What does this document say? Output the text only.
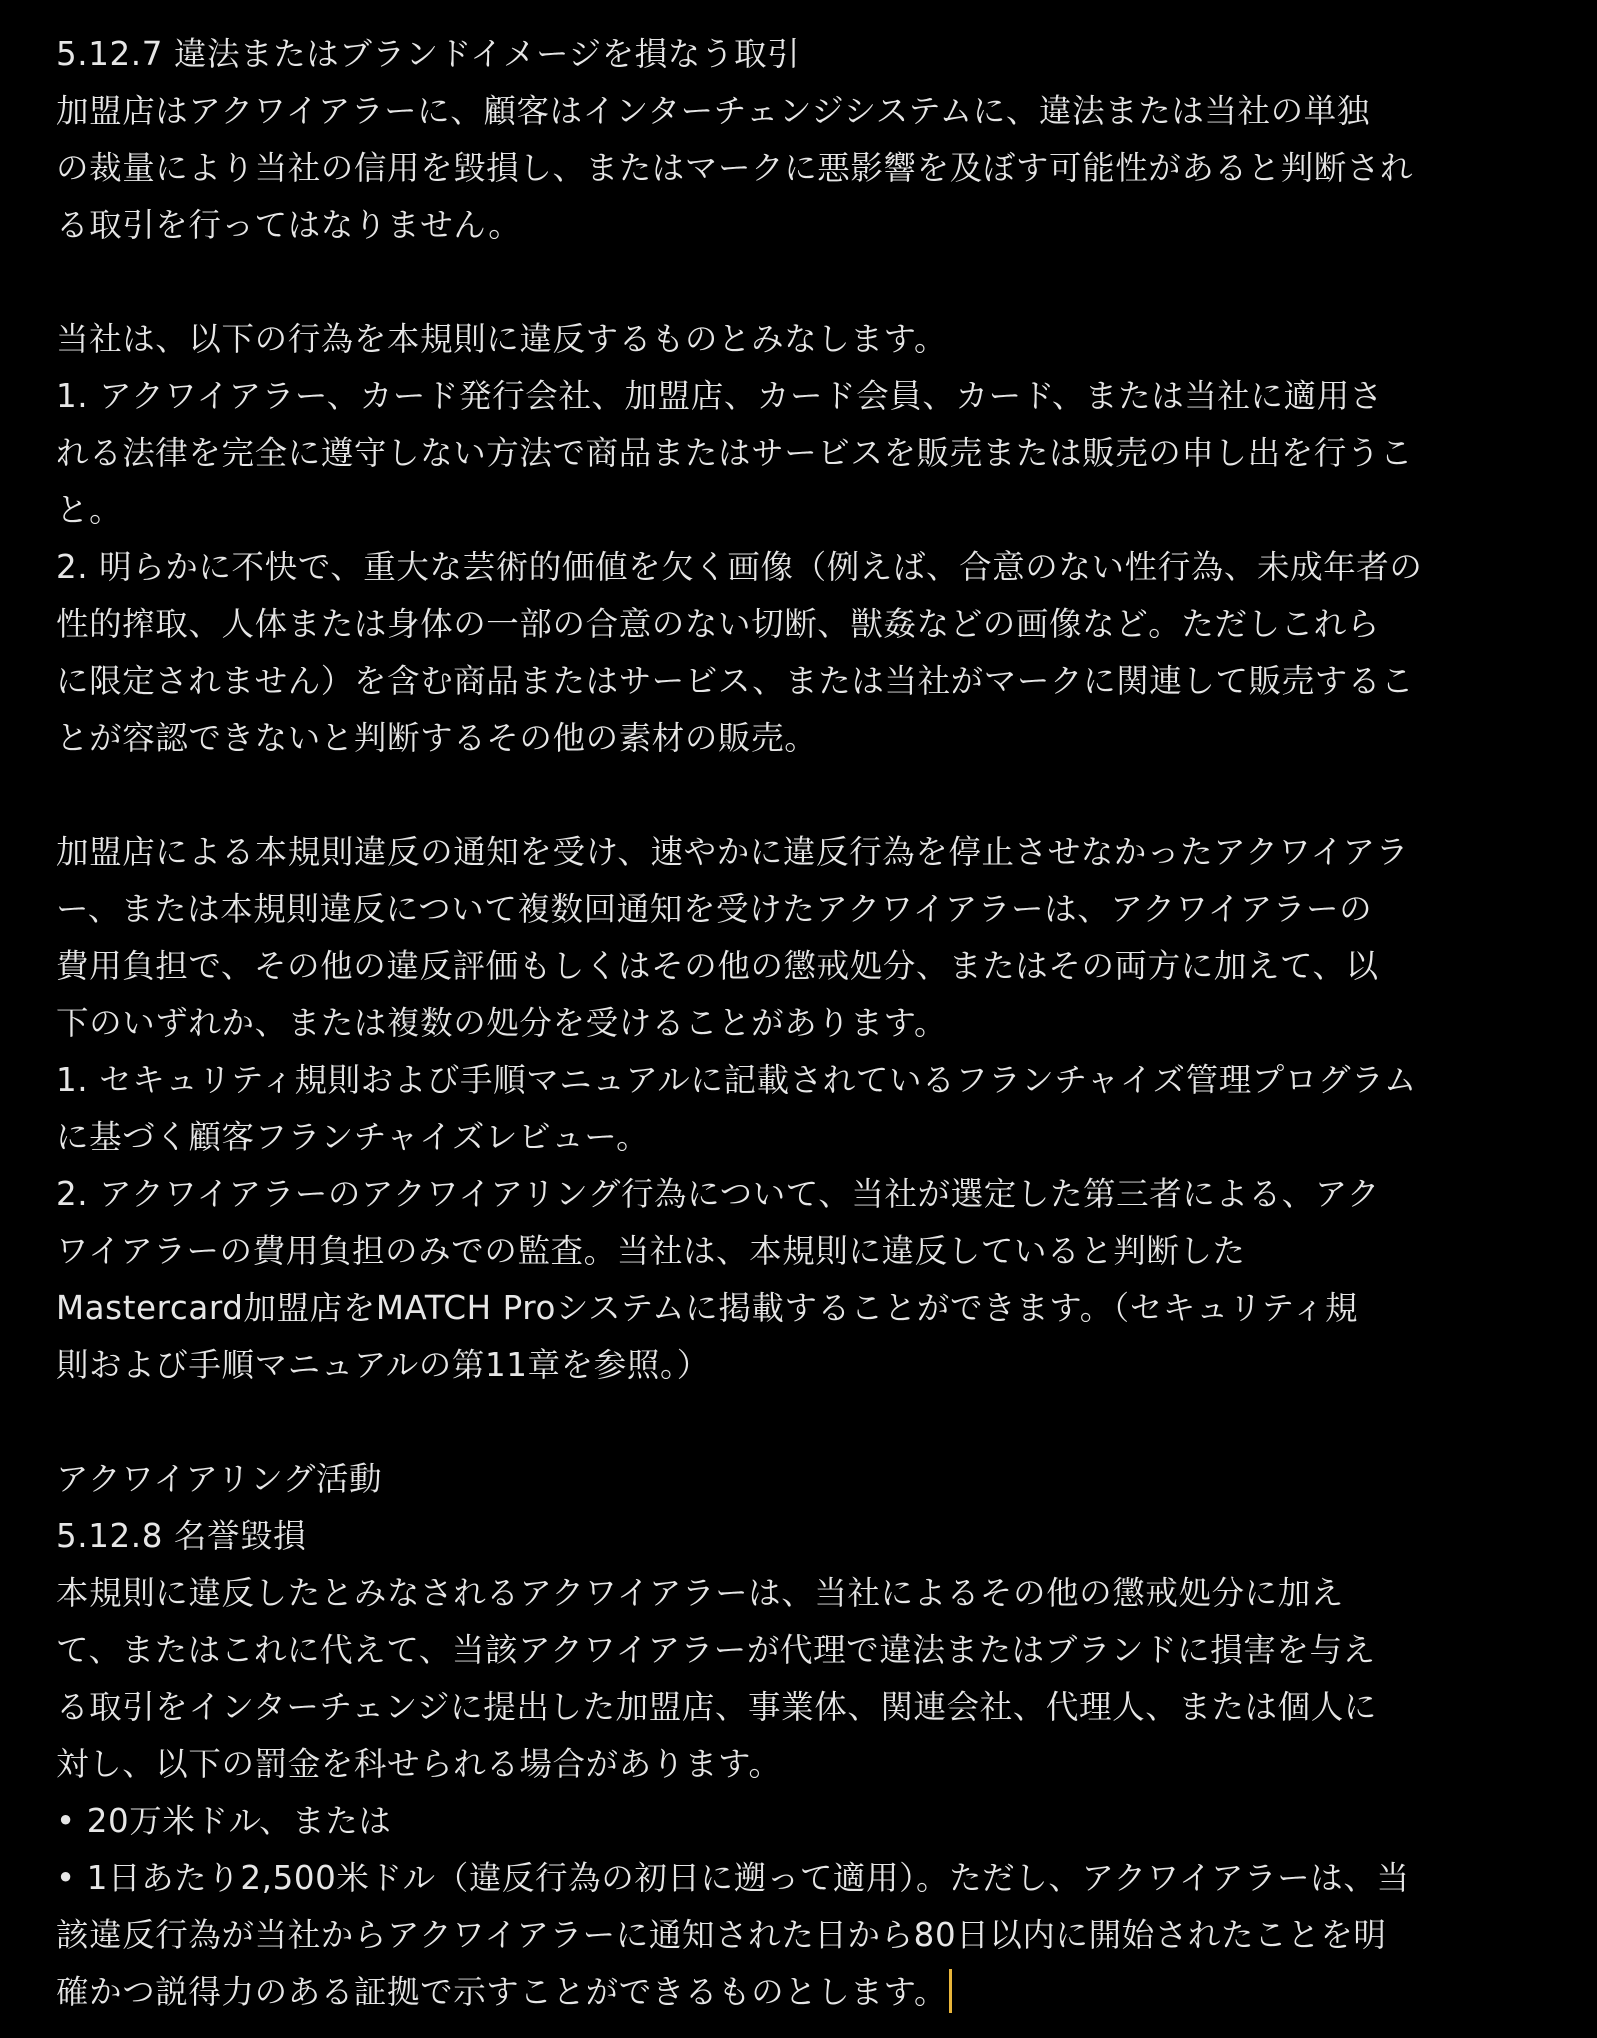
5.12.7 違法またはブランドイメージを損なう取引
加盟店はアクワイアラーに、顧客はインターチェンジシステムに、違法または当社の単独
の裁量により当社の信用を毀損し、またはマークに悪影響を及ぼす可能性があると判断され
る取引を行ってはなりません。
当社は、以下の行為を本規則に違反するものとみなします。
1. アクワイアラー、カード発行会社、加盟店、カード会員、カード、または当社に適用さ
れる法律を完全に遵守しない方法で商品またはサービスを販売または販売の申し出を行うこ
と。
2. 明らかに不快で、重大な芸術的価値を欠く画像（例えば、合意のない性行為、未成年者の
性的搾取、人体または身体の一部の合意のない切断、獣姦などの画像など。ただしこれら
に限定されません）を含む商品またはサービス、または当社がマークに関連して販売するこ
とが容認できないと判断するその他の素材の販売。
加盟店による本規則違反の通知を受け、速やかに違反行為を停止させなかったアクワイアラ
ー、または本規則違反について複数回通知を受けたアクワイアラーは、アクワイアラーの
費用負担で、その他の違反評価もしくはその他の懲戒処分、またはその両方に加えて、以
下のいずれか、または複数の処分を受けることがあります。
1. セキュリティ規則および手順マニュアルに記載されているフランチャイズ管理プログラム
に基づく顧客フランチャイズレビュー。
2. アクワイアラーのアクワイアリング行為について、当社が選定した第三者による、アク
ワイアラーの費用負担のみでの監査。当社は、本規則に違反していると判断した
Mastercard加盟店をMATCH Proシステムに掲載することができます。（セキュリティ規
則および手順マニュアルの第11章を参照。）
アクワイアリング活動
5.12.8 名誉毀損
本規則に違反したとみなされるアクワイアラーは、当社によるその他の懲戒処分に加え
て、またはこれに代えて、当該アクワイアラーが代理で違法またはブランドに損害を与え
る取引をインターチェンジに提出した加盟店、事業体、関連会社、代理人、または個人に
対し、以下の罰金を科せられる場合があります。
• 20万米ドル、または
• 1日あたり2,500米ドル（違反行為の初日に遡って適用）。ただし、アクワイアラーは、当
該違反行為が当社からアクワイアラーに通知された日から80日以内に開始されたことを明
確かつ説得力のある証拠で示すことができるものとします。
